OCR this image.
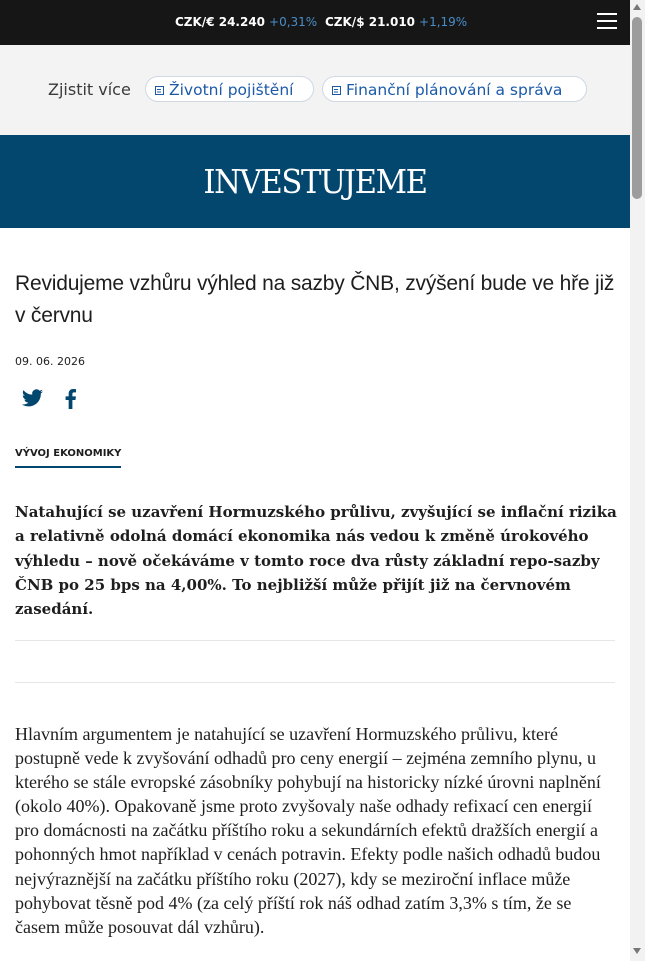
CZK/€ 24.240 +0,31% CZK/$ 21.010 +1,19%
Zjistit více	Životní pojištění	Finanční plánování a správa
INVESTUJEME
Revidujeme vzhůru výhled na sazby ČNB, zvýšení bude ve hře již v červnu
09. 06. 2026
VÝVOJ EKONOMIKY

Natahující se uzavření Hormuzského průlivu, zvyšující se inflační rizika a relativně odolná domácí ekonomika nás vedou k změně úrokového výhledu – nově očekáváme v tomto roce dva růsty základní repo-sazby ČNB po 25 bps na 4,00%. To nejbližší může přijít již na červnovém zasedání.

Hlavním argumentem je natahující se uzavření Hormuzského průlivu, které postupně vede k zvyšování odhadů pro ceny energií – zejména zemního plynu, u kterého se stále evropské zásobníky pohybují na historicky nízké úrovni naplnění (okolo 40%). Opakovaně jsme proto zvyšovaly naše odhady refixací cen energií pro domácnosti na začátku příštího roku a sekundárních efektů dražších energií a pohonných hmot například v cenách potravin. Efekty podle našich odhadů budou nejvýraznější na začátku příštího roku (2027), kdy se meziroční inflace může pohybovat těsně pod 4% (za celý příští rok náš odhad zatím 3,3% s tím, že se časem může posouvat dál vzhůru).
